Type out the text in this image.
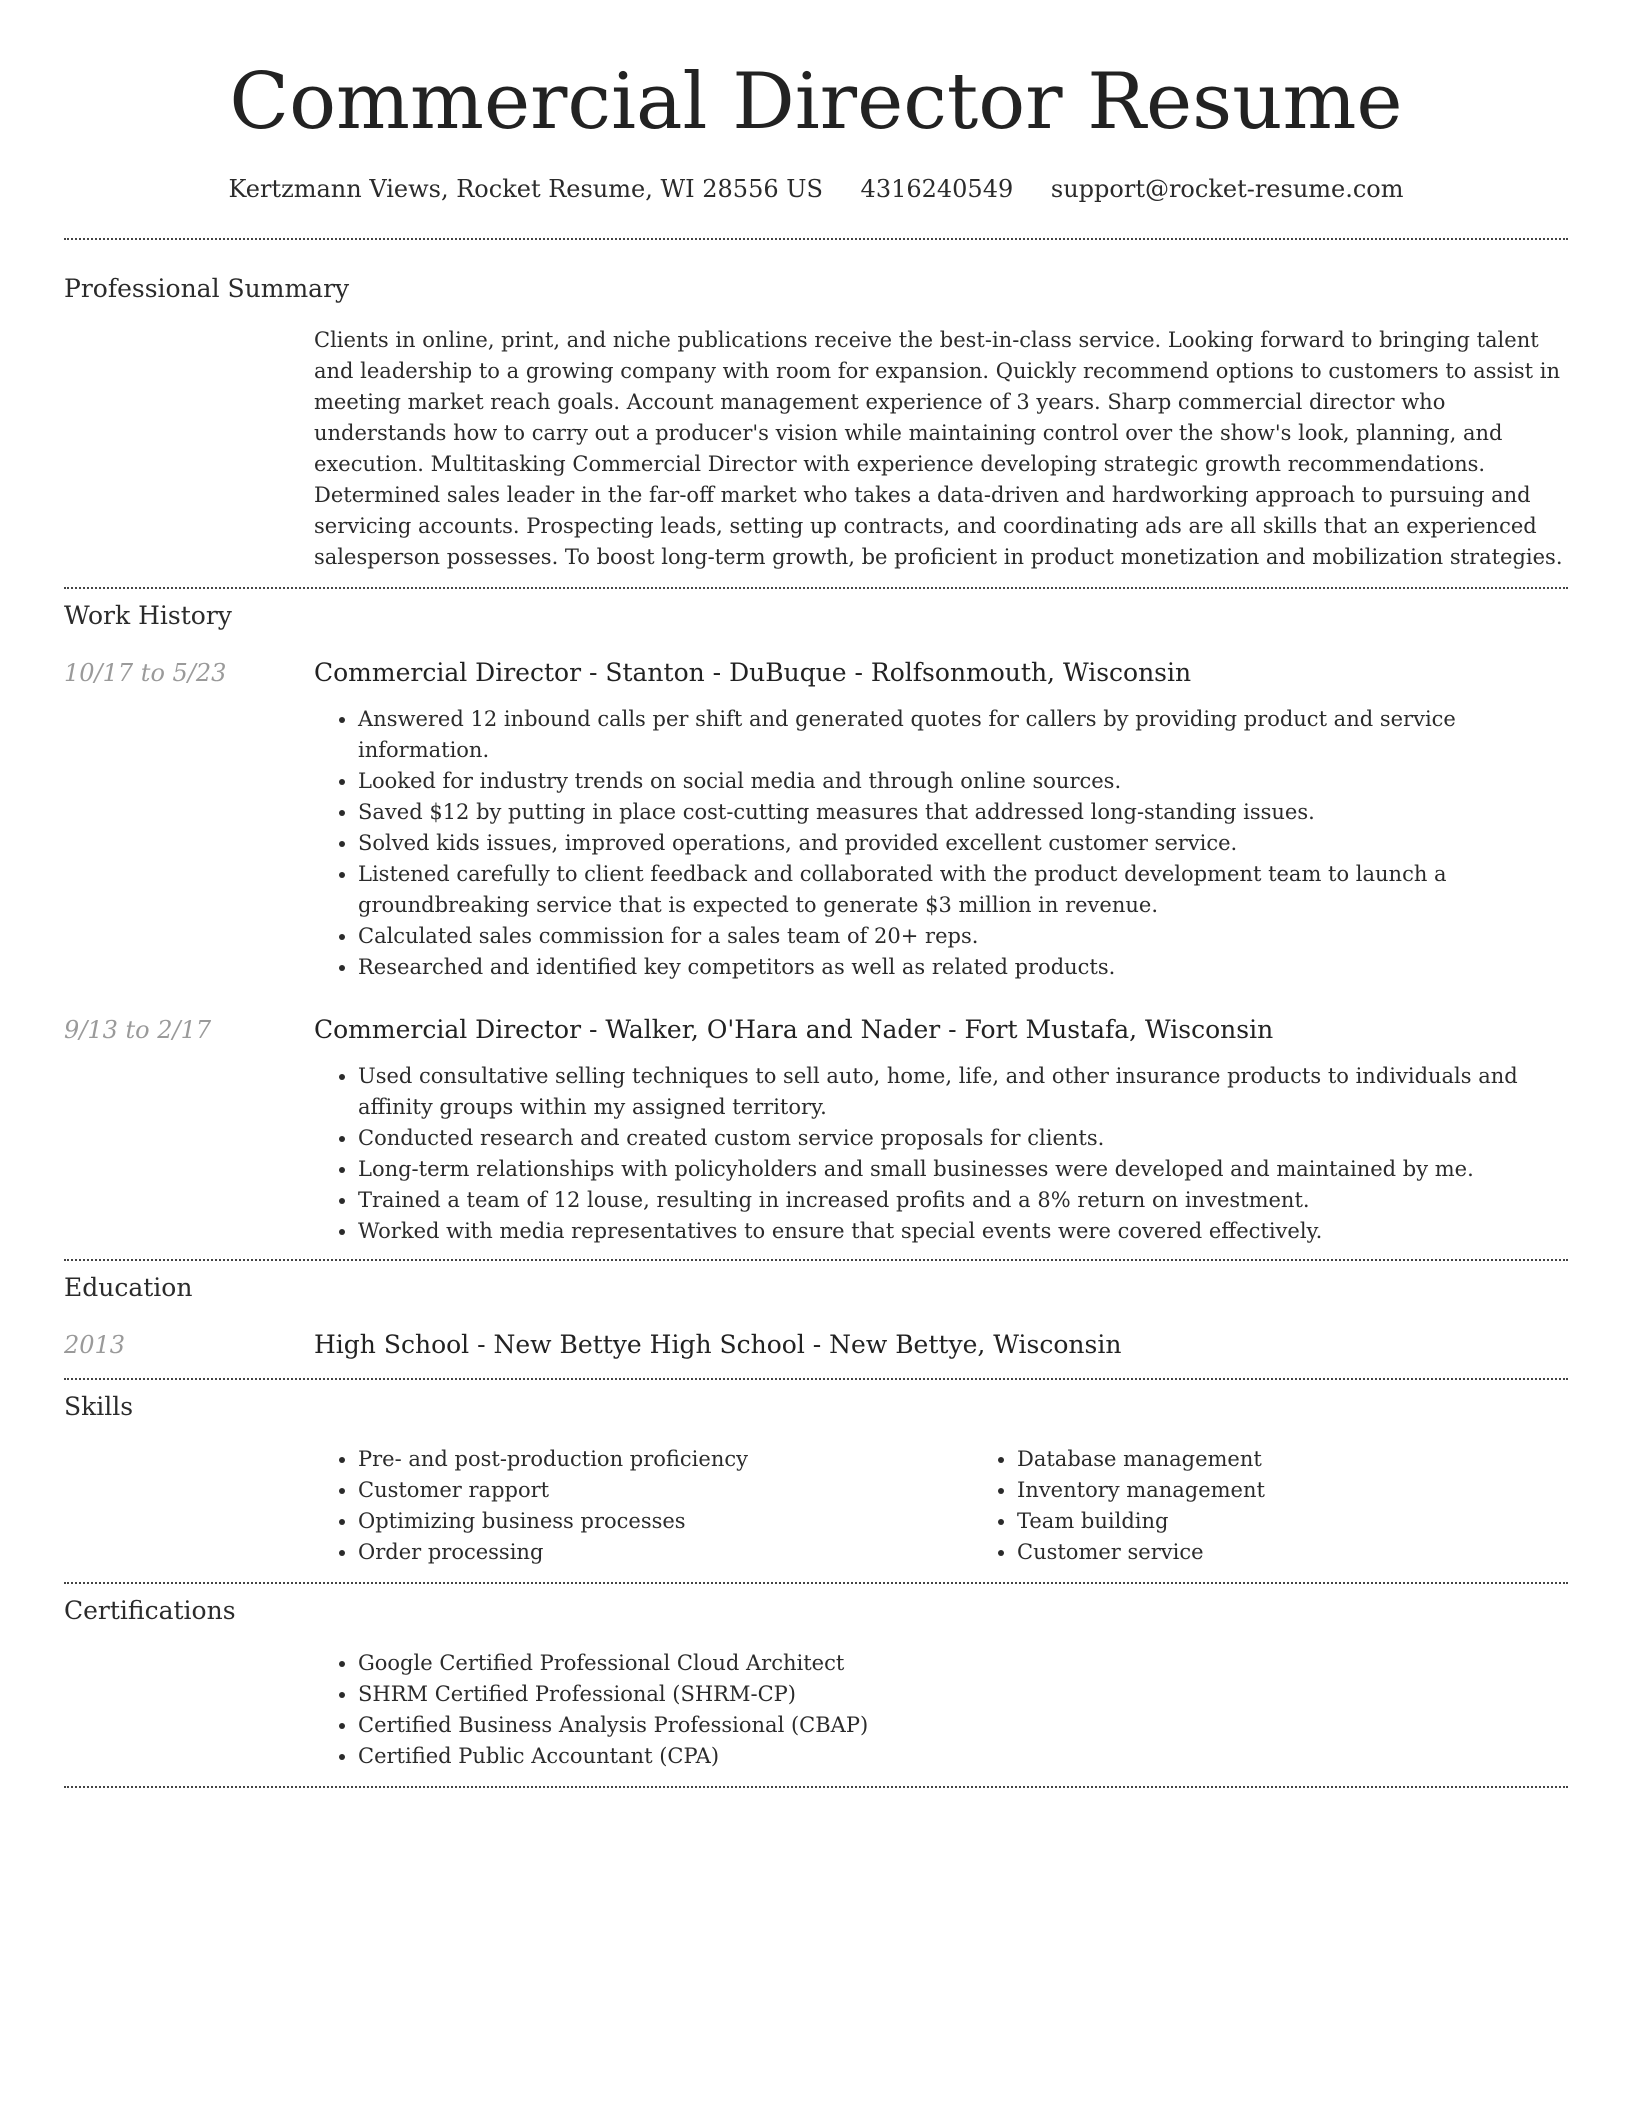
Commercial Director Resume
Kertzmann Views, Rocket Resume, WI 28556 US 4316240549 support@rocket-resume.com
Professional Summary

Clients in online, print, and niche publications receive the best-in-class service. Looking forward to bringing talent and leadership to a growing company with room for expansion. Quickly recommend options to customers to assist in meeting market reach goals. Account management experience of 3 years. Sharp commercial director who understands how to carry out a producer's vision while maintaining control over the show's look, planning, and execution. Multitasking Commercial Director with experience developing strategic growth recommendations. Determined sales leader in the far-off market who takes a data-driven and hardworking approach to pursuing and servicing accounts. Prospecting leads, setting up contracts, and coordinating ads are all skills that an experienced salesperson possesses. To boost long-term growth, be proficient in product monetization and mobilization strategies.

Work History
10/17 to 5/23	Commercial Director - Stanton - DuBuque - Rolfsonmouth, Wisconsin
• Answered 12 inbound calls per shift and generated quotes for callers by providing product and service information.
• Looked for industry trends on social media and through online sources.
• Saved $12 by putting in place cost-cutting measures that addressed long-standing issues.
• Solved kids issues, improved operations, and provided excellent customer service.
• Listened carefully to client feedback and collaborated with the product development team to launch a groundbreaking service that is expected to generate $3 million in revenue.
• Calculated sales commission for a sales team of 20+ reps.
• Researched and identified key competitors as well as related products.
9/13 to 2/17	Commercial Director - Walker, O'Hara and Nader - Fort Mustafa, Wisconsin
• Used consultative selling techniques to sell auto, home, life, and other insurance products to individuals and affinity groups within my assigned territory.
• Conducted research and created custom service proposals for clients.
• Long-term relationships with policyholders and small businesses were developed and maintained by me.
• Trained a team of 12 louse, resulting in increased profits and a 8% return on investment.
• Worked with media representatives to ensure that special events were covered effectively.
Education
2013	High School - New Bettye High School - New Bettye, Wisconsin
Skills
• Pre- and post-production proficiency
• Customer rapport
• Optimizing business processes
• Order processing
• Database management
• Inventory management
• Team building
• Customer service
Certifications
• Google Certified Professional Cloud Architect
• SHRM Certified Professional (SHRM-CP)
• Certified Business Analysis Professional (CBAP)
• Certified Public Accountant (CPA)
